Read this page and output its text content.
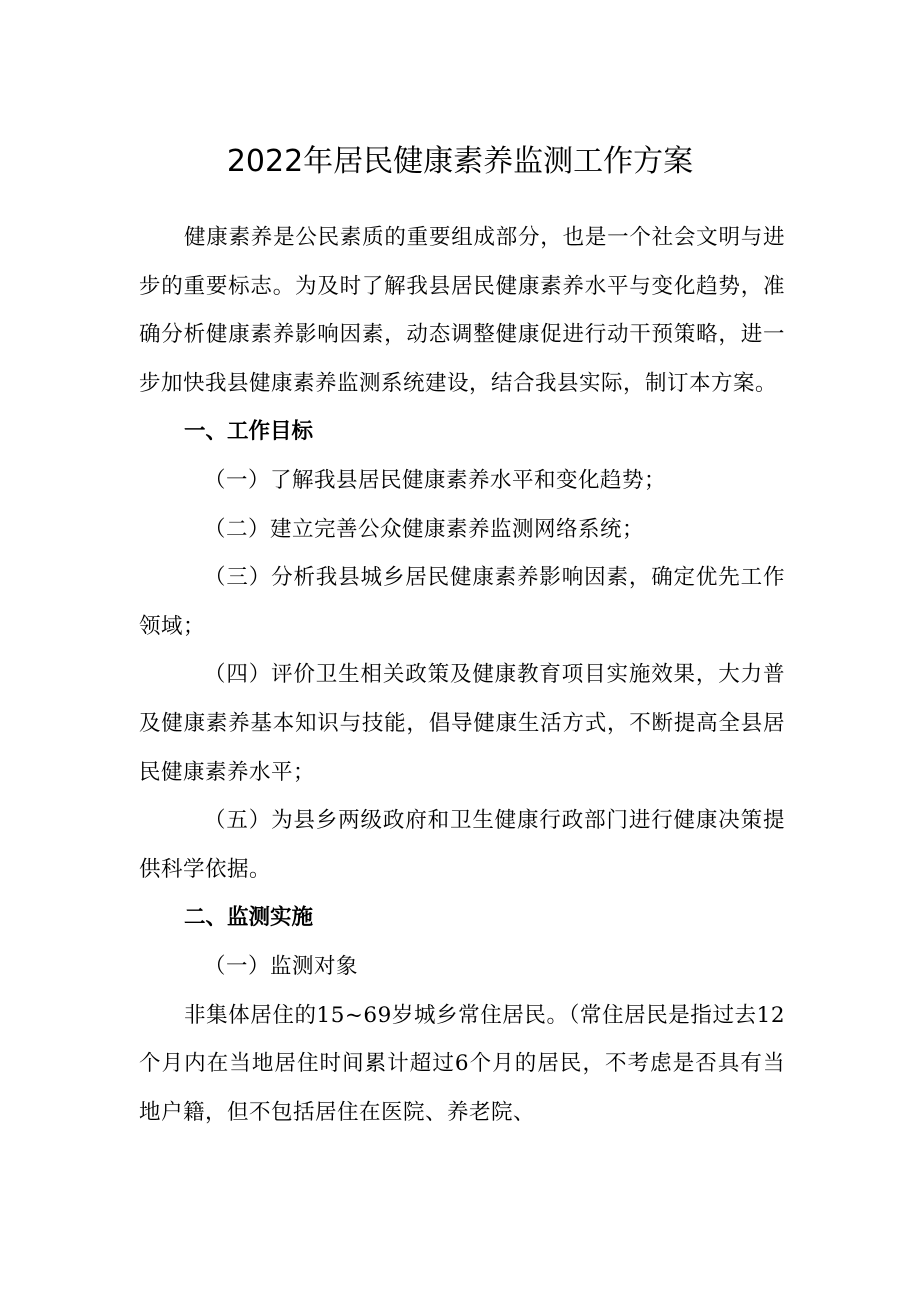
2022年居民健康素养监测工作方案

健康素养是公民素质的重要组成部分，也是一个社会文明与进步的重要标志。为及时了解我县居民健康素养水平与变化趋势，准确分析健康素养影响因素，动态调整健康促进行动干预策略，进一步加快我县健康素养监测系统建设，结合我县实际，制订本方案。

一、工作目标

（一）了解我县居民健康素养水平和变化趋势；

（二）建立完善公众健康素养监测网络系统；

（三）分析我县城乡居民健康素养影响因素，确定优先工作领域；

（四）评价卫生相关政策及健康教育项目实施效果，大力普及健康素养基本知识与技能，倡导健康生活方式，不断提高全县居民健康素养水平；

（五）为县乡两级政府和卫生健康行政部门进行健康决策提供科学依据。

二、监测实施

（一）监测对象

非集体居住的15~69岁城乡常住居民。（常住居民是指过去12个月内在当地居住时间累计超过6个月的居民，不考虑是否具有当地户籍，但不包括居住在医院、养老院、
